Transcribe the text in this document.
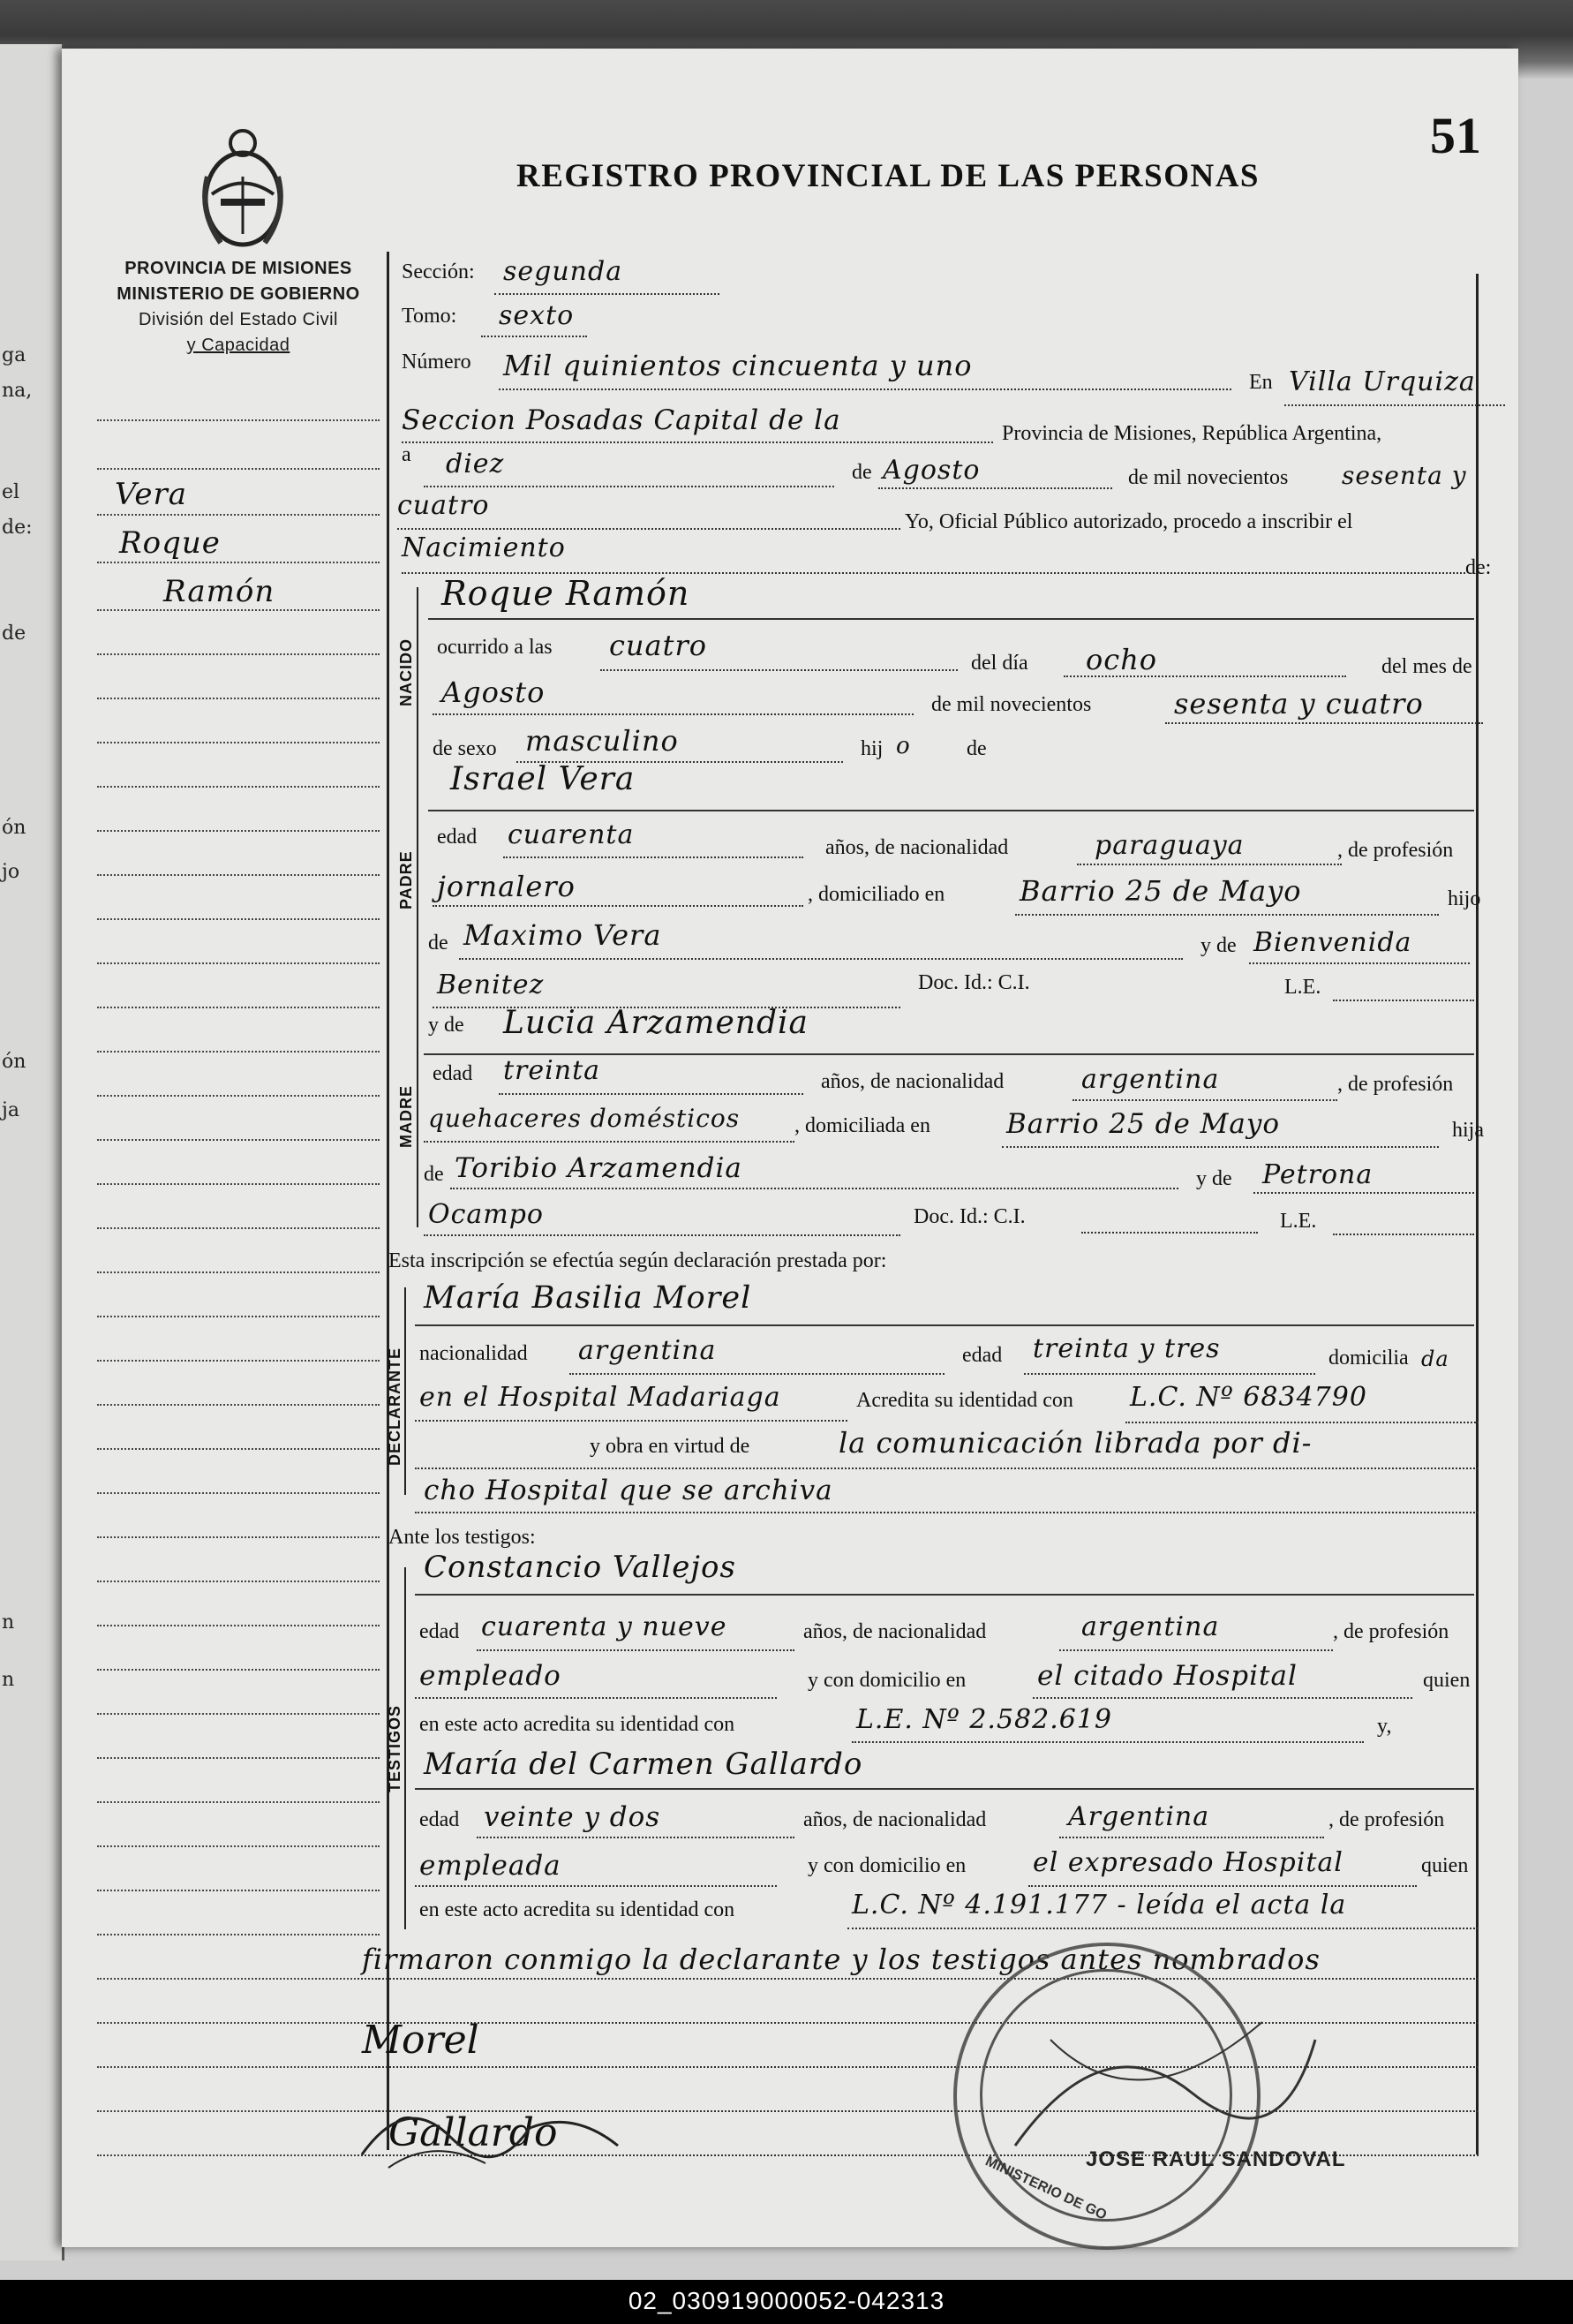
ga
na,
el
de:
de
ón
jo
ón
ja
n
n
PROVINCIA DE MISIONES
MINISTERIO DE GOBIERNO
División del Estado Civil
y Capacidad
REGISTRO PROVINCIAL DE LAS PERSONAS
51
Vera
Roque
Ramón
Sección: segunda
Tomo: sexto
Número Mil quinientos cincuenta y uno	En Villa Urquiza
Seccion Posadas Capital de la	Provincia de Misiones, República Argentina,
a diez	de Agosto	de mil novecientos sesenta y
cuatro
Yo, Oficial Público autorizado, procedo a inscribir el
Nacimiento
de:
NACIDO
Roque Ramón
ocurrido a las cuatro
del día ocho	del mes de
Agosto	de mil novecientos	sesenta y cuatro
de sexo masculino	hij o	de
PADRE
Israel Vera
edad cuarenta	años, de nacionalidad	paraguaya	, de profesión
jornalero	, domiciliado en	Barrio 25 de Mayo	hijo
de Maximo Vera	y de Bienvenida
Benitez	Doc. Id.: C.I.	L.E.
MADRE
y de Lucia Arzamendia
edad treinta	años, de nacionalidad	argentina	, de profesión
quehaceres domésticos	, domiciliada en	Barrio 25 de Mayo	hija
de Toribio Arzamendia	y de Petrona
Ocampo	Doc. Id.: C.I.	L.E.
Esta inscripción se efectúa según declaración prestada por:
DECLARANTE
María Basilia Morel
nacionalidad argentina	edad treinta y tres	domicilia da
en el Hospital Madariaga	Acredita su identidad con L.C. Nº 6834790
y obra en virtud de	la comunicación librada por di-
cho Hospital que se archiva
Ante los testigos:
TESTIGOS
Constancio Vallejos
edad cuarenta y nueve	años, de nacionalidad	argentina	, de profesión
empleado	y con domicilio en	el citado Hospital	quien
en este acto acredita su identidad con	L.E. Nº 2.582.619	y,
María del Carmen Gallardo
edad veinte y dos	años, de nacionalidad	Argentina	, de profesión
empleada	y con domicilio en	el expresado Hospital	quien
en este acto acredita su identidad con	L.C. Nº 4.191.177 - leída el acta la
firmaron conmigo la declarante y los testigos antes nombrados
Morel
Gallardo
JOSE RAUL SANDOVAL
MINISTERIO DE GO
02_030919000052-042313
